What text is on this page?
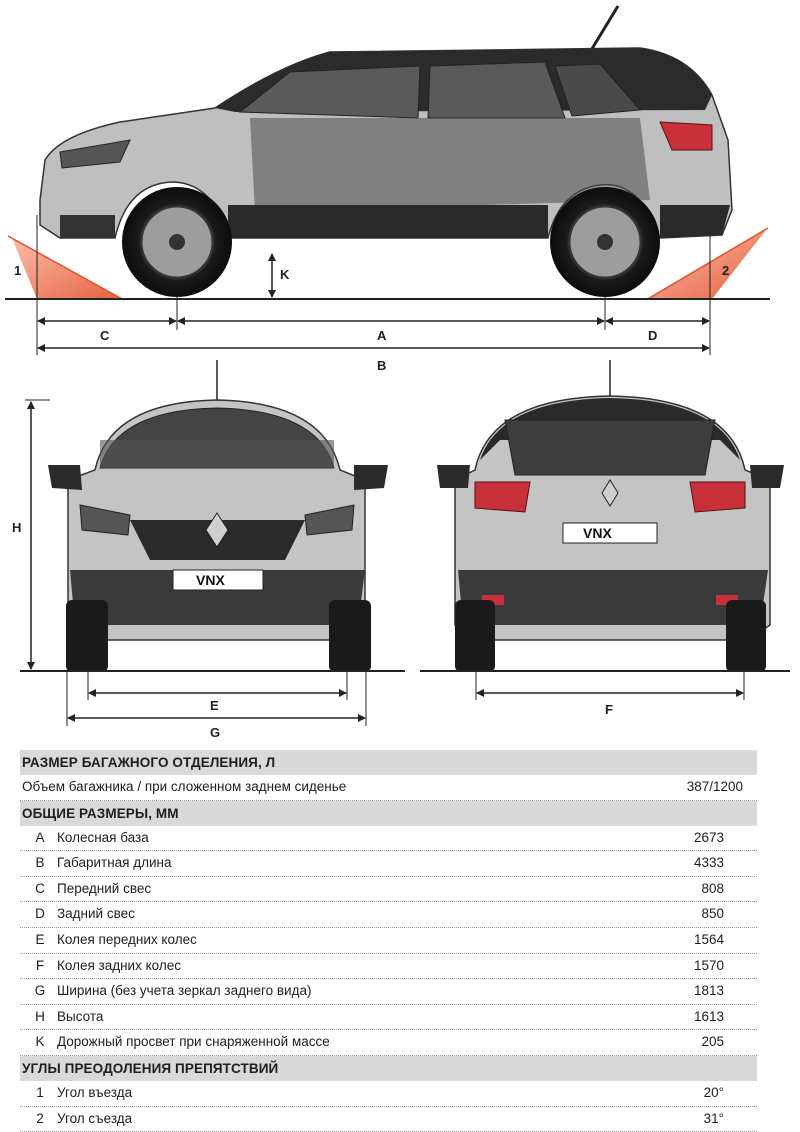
K
C	A	D
B
1	2
VNX
H
E
G
VNX
F
РАЗМЕР БАГАЖНОГО ОТДЕЛЕНИЯ, Л
Объем багажника / при сложенном заднем сиденье	387/1200
ОБЩИЕ РАЗМЕРЫ, ММ
A Колесная база	2673
B Габаритная длина	4333
C Передний свес	808
D Задний свес	850
E Колея передних колес	1564
F Колея задних колес	1570
G Ширина (без учета зеркал заднего вида)	1813
H Высота	1613
K Дорожный просвет при снаряженной массе	205
УГЛЫ ПРЕОДОЛЕНИЯ ПРЕПЯТСТВИЙ
1 Угол въезда	20°
2 Угол съезда	31°
